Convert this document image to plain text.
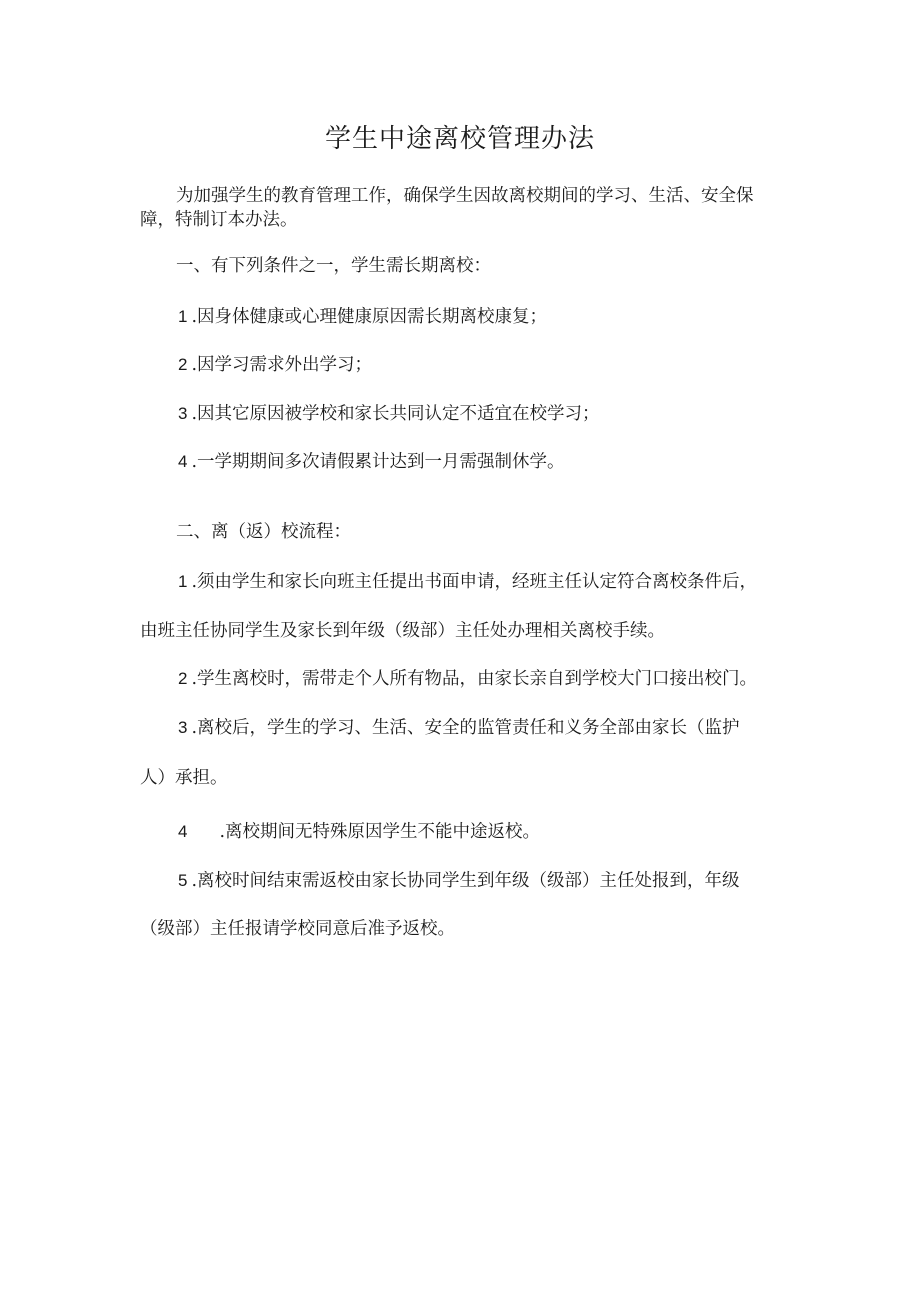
学生中途离校管理办法
为加强学生的教育管理工作，确保学生因故离校期间的学习、生活、安全保
障，特制订本办法。
一、有下列条件之一，学生需长期离校：
1 .因身体健康或心理健康原因需长期离校康复；
2 .因学习需求外出学习；
3 .因其它原因被学校和家长共同认定不适宜在校学习；
4 .一学期期间多次请假累计达到一月需强制休学。
二、离（返）校流程：
1 .须由学生和家长向班主任提出书面申请，经班主任认定符合离校条件后，
由班主任协同学生及家长到年级（级部）主任处办理相关离校手续。
2 .学生离校时，需带走个人所有物品，由家长亲自到学校大门口接出校门。
3 .离校后，学生的学习、生活、安全的监管责任和义务全部由家长（监护
人）承担。
4 .离校期间无特殊原因学生不能中途返校。
5 .离校时间结束需返校由家长协同学生到年级（级部）主任处报到，年级
（级部）主任报请学校同意后准予返校。
